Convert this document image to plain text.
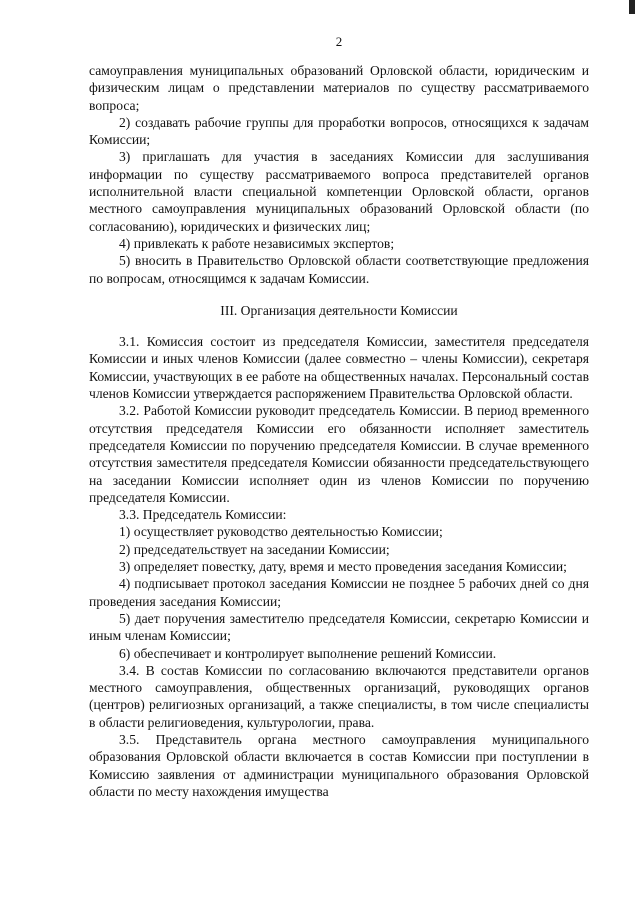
2

самоуправления муниципальных образований Орловской области, юридическим и физическим лицам о представлении материалов по существу рассматриваемого вопроса;

2) создавать рабочие группы для проработки вопросов, относящихся к задачам Комиссии;

3) приглашать для участия в заседаниях Комиссии для заслушивания информации по существу рассматриваемого вопроса представителей органов исполнительной власти специальной компетенции Орловской области, органов местного самоуправления муниципальных образований Орловской области (по согласованию), юридических и физических лиц;

4) привлекать к работе независимых экспертов;

5) вносить в Правительство Орловской области соответствующие предложения по вопросам, относящимся к задачам Комиссии.

III. Организация деятельности Комиссии

3.1. Комиссия состоит из председателя Комиссии, заместителя председателя Комиссии и иных членов Комиссии (далее совместно – члены Комиссии), секретаря Комиссии, участвующих в ее работе на общественных началах. Персональный состав членов Комиссии утверждается распоряжением Правительства Орловской области.

3.2. Работой Комиссии руководит председатель Комиссии. В период временного отсутствия председателя Комиссии его обязанности исполняет заместитель председателя Комиссии по поручению председателя Комиссии. В случае временного отсутствия заместителя председателя Комиссии обязанности председательствующего на заседании Комиссии исполняет один из членов Комиссии по поручению председателя Комиссии.

3.3. Председатель Комиссии:

1) осуществляет руководство деятельностью Комиссии;

2) председательствует на заседании Комиссии;

3) определяет повестку, дату, время и место проведения заседания Комиссии;

4) подписывает протокол заседания Комиссии не позднее 5 рабочих дней со дня проведения заседания Комиссии;

5) дает поручения заместителю председателя Комиссии, секретарю Комиссии и иным членам Комиссии;

6) обеспечивает и контролирует выполнение решений Комиссии.

3.4. В состав Комиссии по согласованию включаются представители органов местного самоуправления, общественных организаций, руководящих органов (центров) религиозных организаций, а также специалисты, в том числе специалисты в области религиоведения, культурологии, права.

3.5. Представитель органа местного самоуправления муниципального образования Орловской области включается в состав Комиссии при поступлении в Комиссию заявления от администрации муниципального образования Орловской области по месту нахождения имущества
